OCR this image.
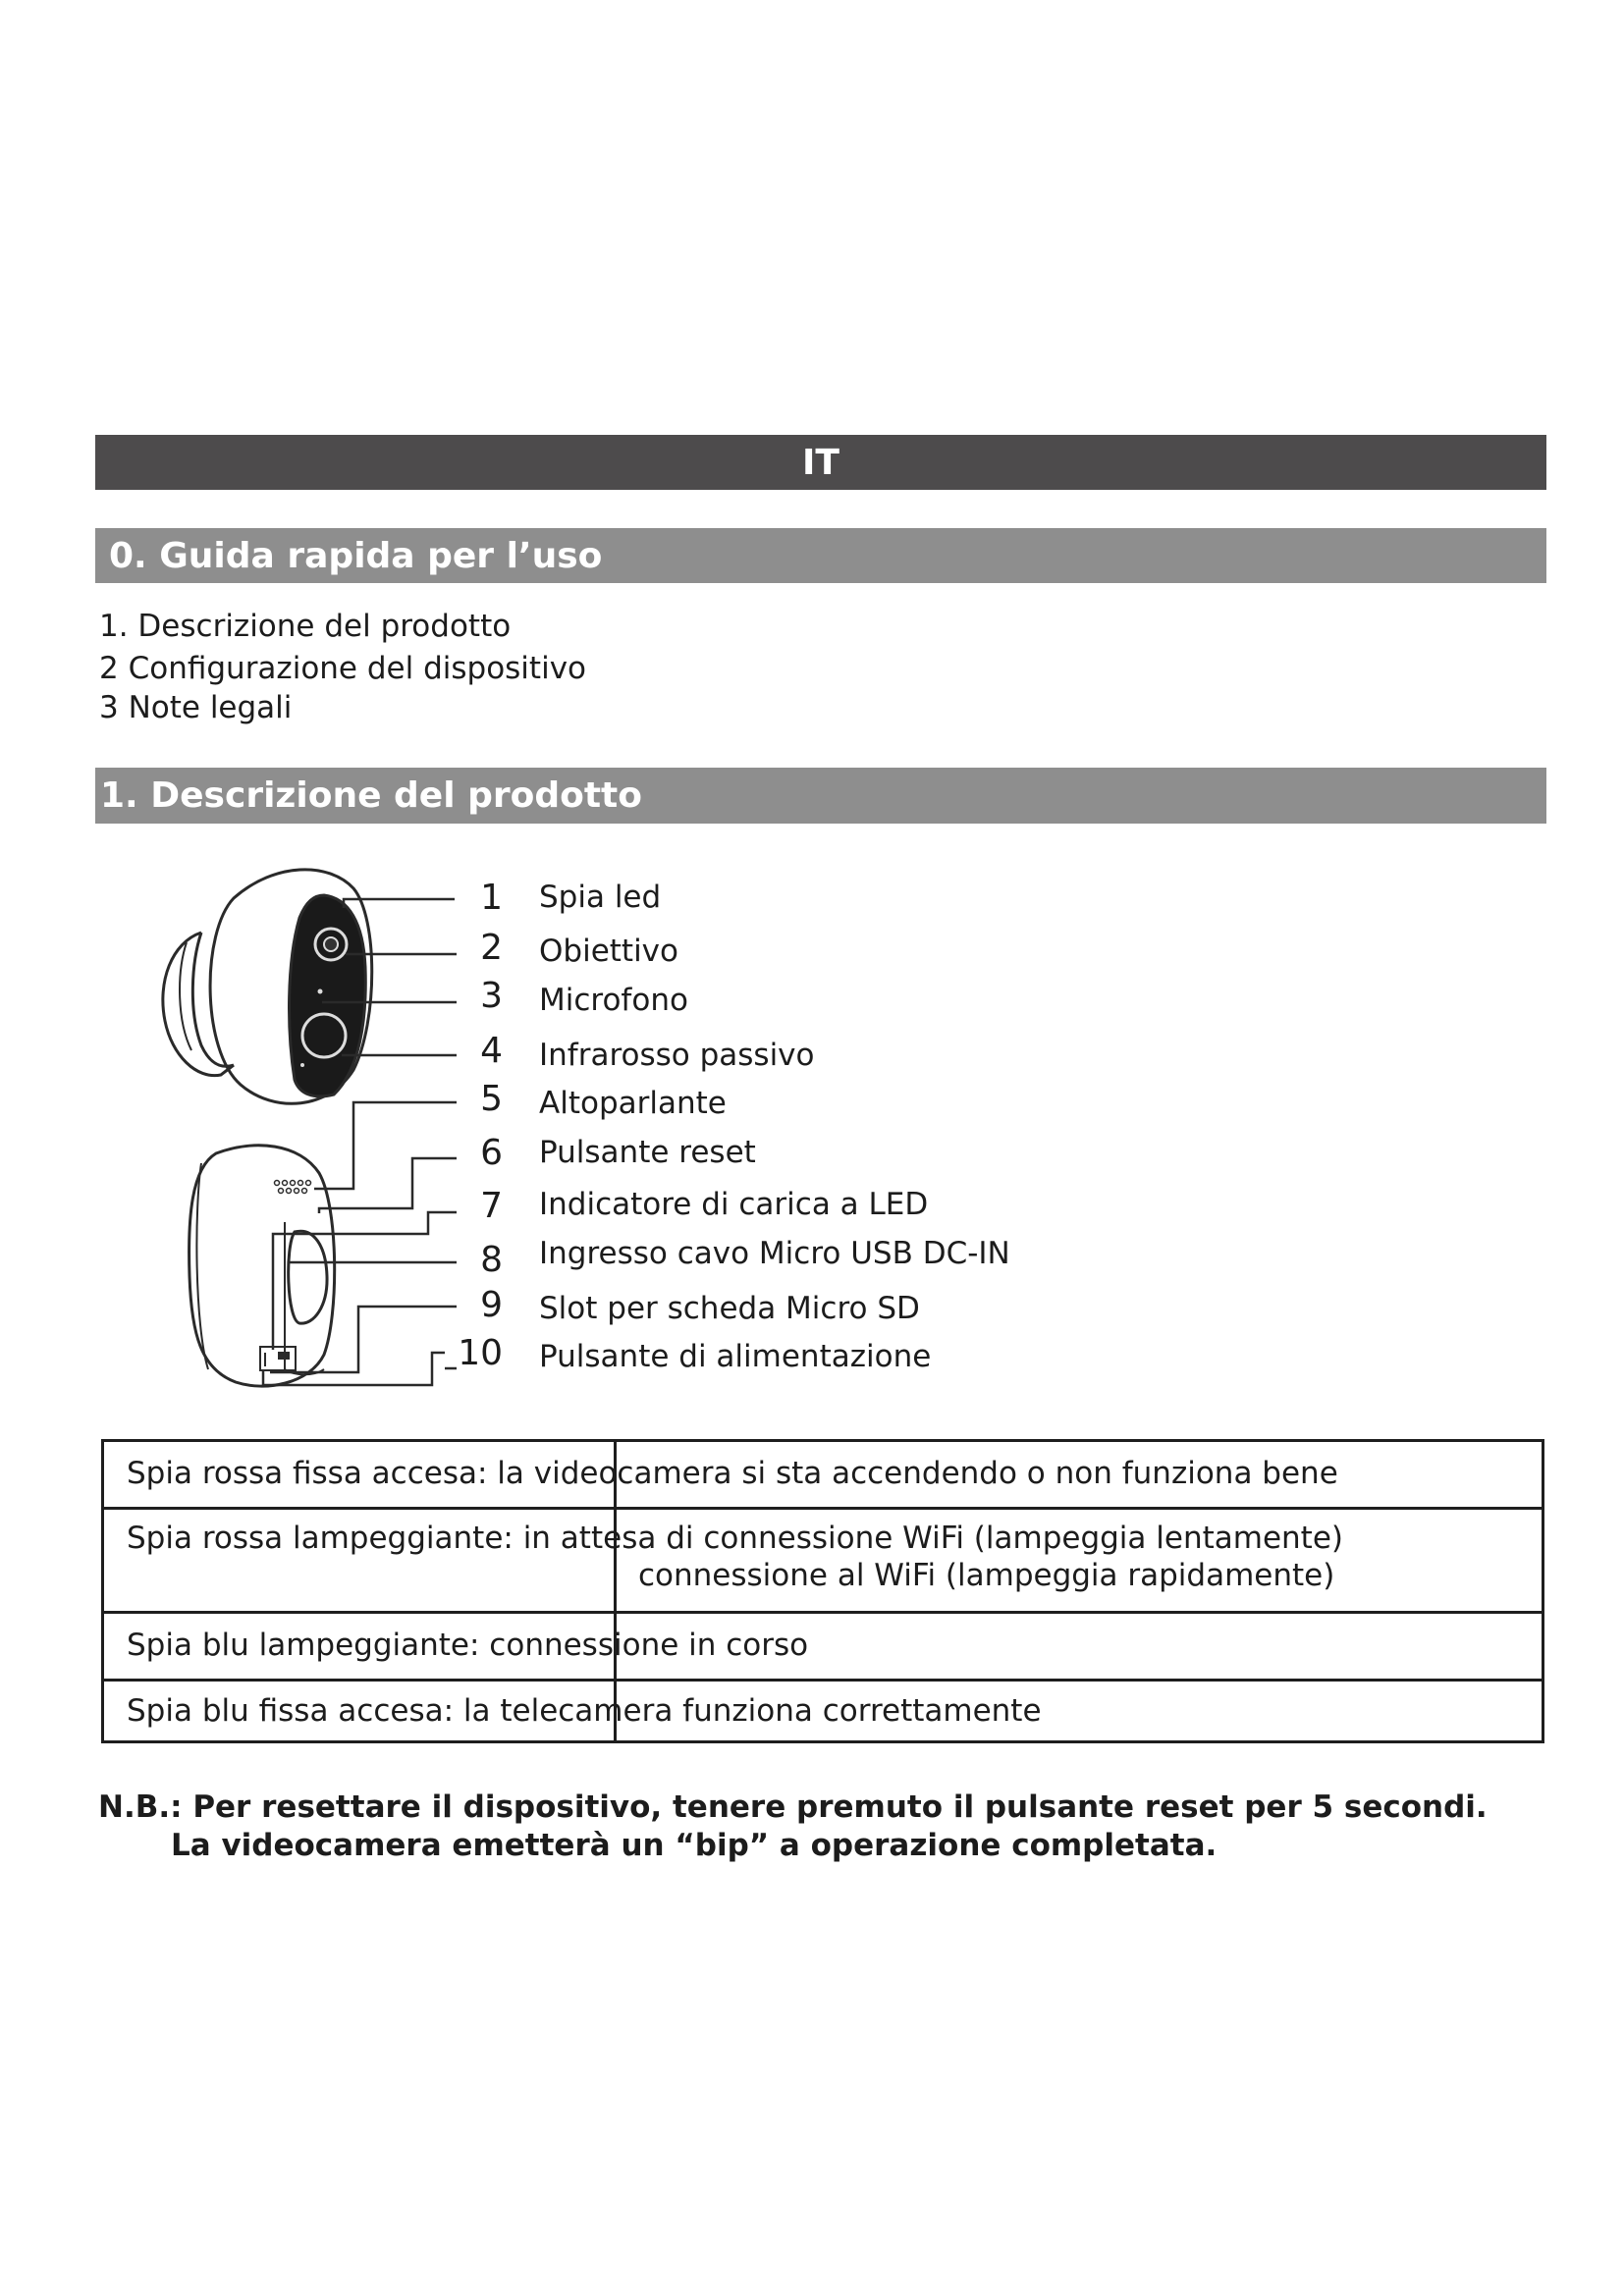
IT
0. Guida rapida per l’uso
1. Descrizione del prodotto
2 Configurazione del dispositivo
3 Note legali
1. Descrizione del prodotto
1 Spia led
2 Obiettivo
3 Microfono
4 Infrarosso passivo
5 Altoparlante
6 Pulsante reset
7 Indicatore di carica a LED
8 Ingresso cavo Micro USB DC-IN
9 Slot per scheda Micro SD
10 Pulsante di alimentazione
Spia rossa fissa accesa: la videocamera si sta accendendo o non funziona bene
Spia rossa lampeggiante: in attesa di connessione WiFi (lampeggia lentamente)
connessione al WiFi (lampeggia rapidamente)
Spia blu lampeggiante: connessione in corso
Spia blu fissa accesa: la telecamera funziona correttamente
N.B.: Per resettare il dispositivo, tenere premuto il pulsante reset per 5 secondi.
La videocamera emetterà un “bip” a operazione completata.
